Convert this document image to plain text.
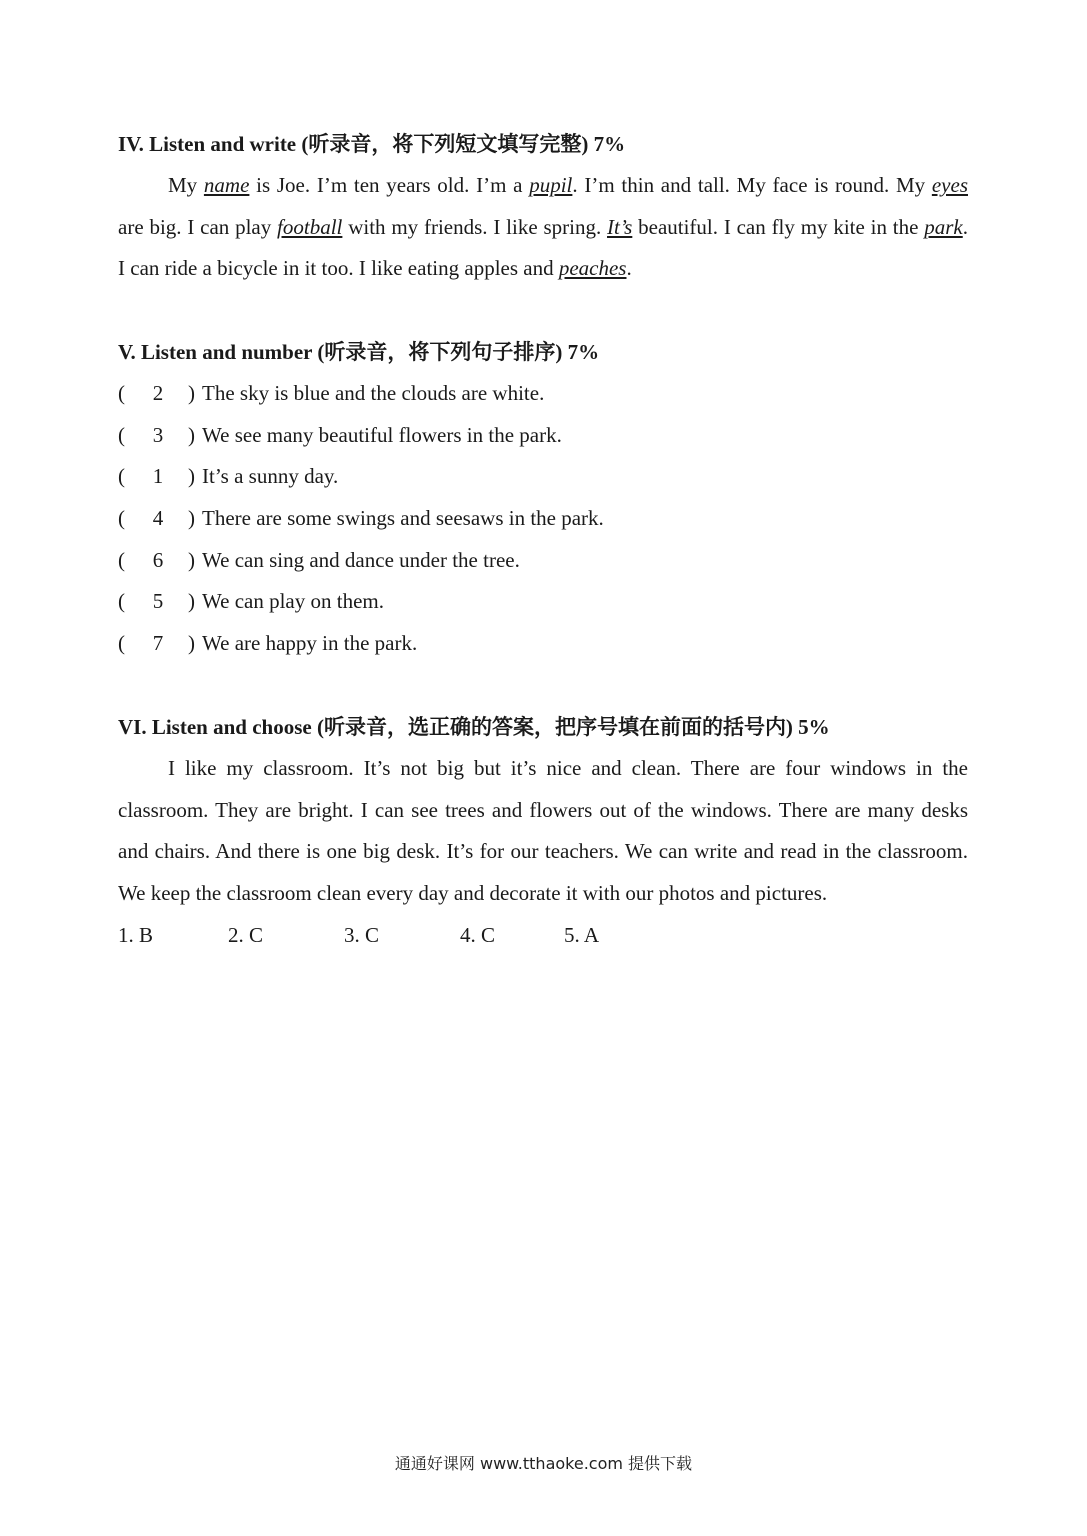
IV. Listen and write (听录音，将下列短文填写完整) 7%

My name is Joe. I’m ten years old. I’m a pupil. I’m thin and tall. My face is round. My eyes are big. I can play football with my friends. I like spring. It’s beautiful. I can fly my kite in the park. I can ride a bicycle in it too. I like eating apples and peaches.

V. Listen and number (听录音，将下列句子排序) 7%

( 2 ) The sky is blue and the clouds are white.
( 3 ) We see many beautiful flowers in the park.
( 1 ) It’s a sunny day.
( 4 ) There are some swings and seesaws in the park.
( 6 ) We can sing and dance under the tree.
( 5 ) We can play on them.
( 7 ) We are happy in the park.

VI. Listen and choose (听录音，选正确的答案，把序号填在前面的括号内) 5%

I like my classroom. It’s not big but it’s nice and clean. There are four windows in the classroom. They are bright. I can see trees and flowers out of the windows. There are many desks and chairs. And there is one big desk. It’s for our teachers. We can write and read in the classroom. We keep the classroom clean every day and decorate it with our photos and pictures.

1. B	2. C	3. C	4. C	5. A
通通好课网 www.tthaoke.com 提供下载
